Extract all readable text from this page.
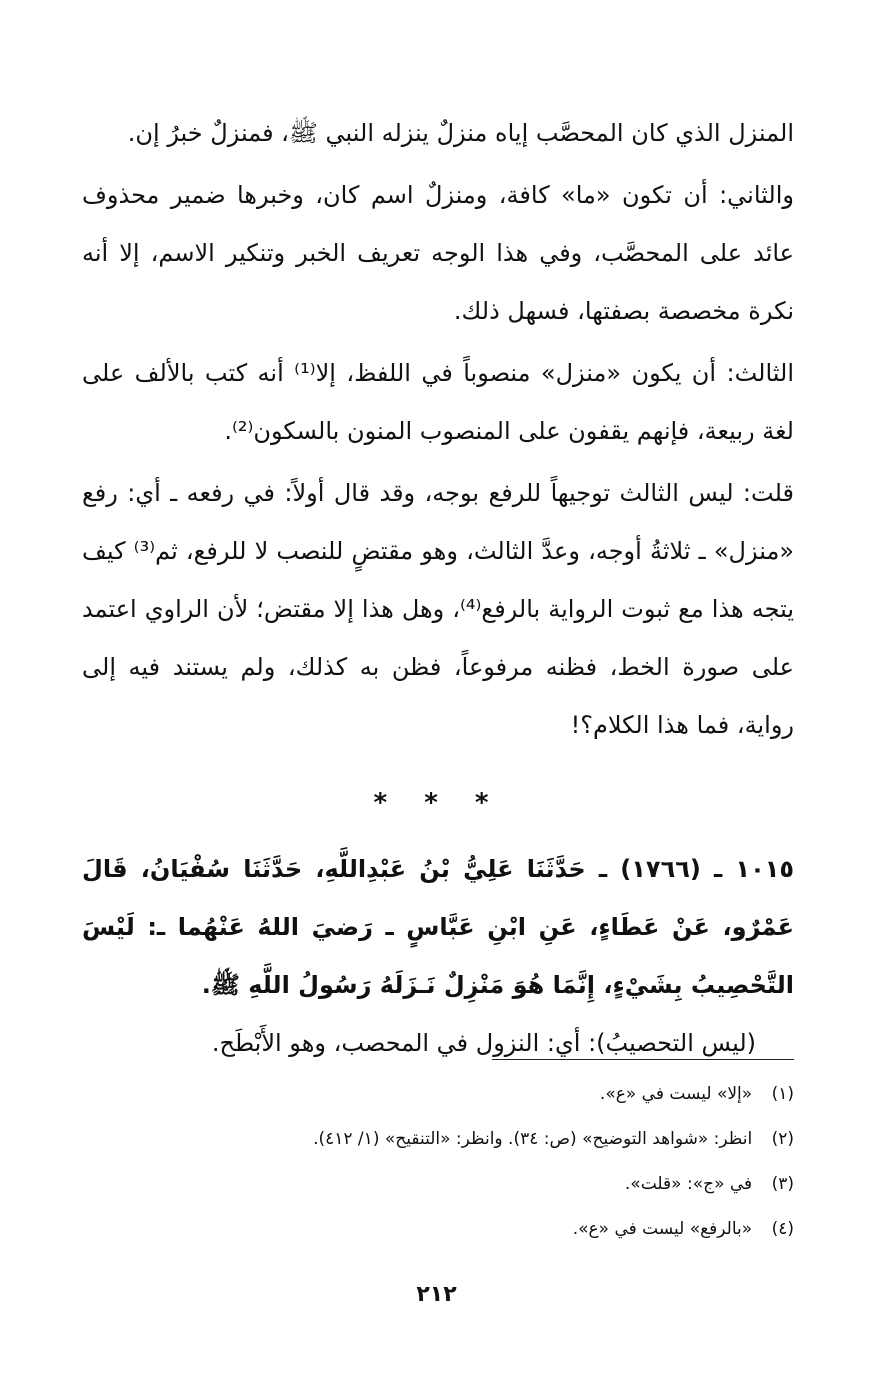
المنزل الذي كان المحصَّب إياه منزلٌ ينزله النبي ﷺ، فمنزلٌ خبرُ إن.

والثاني: أن تكون «ما» كافة، ومنزلٌ اسم كان، وخبرها ضمير محذوف عائد على المحصَّب، وفي هذا الوجه تعريف الخبر وتنكير الاسم، إلا أنه نكرة مخصصة بصفتها، فسهل ذلك.

الثالث: أن يكون «منزل» منصوباً في اللفظ، إلا⁽¹⁾ أنه كتب بالألف على لغة ربيعة، فإنهم يقفون على المنصوب المنون بالسكون⁽²⁾.

قلت: ليس الثالث توجيهاً للرفع بوجه، وقد قال أولاً: في رفعه ـ أي: رفع «منزل» ـ ثلاثةُ أوجه، وعدَّ الثالث، وهو مقتضٍ للنصب لا للرفع، ثم⁽³⁾ كيف يتجه هذا مع ثبوت الرواية بالرفع⁽⁴⁾، وهل هذا إلا مقتض؛ لأن الراوي اعتمد على صورة الخط، فظنه مرفوعاً، فظن به كذلك، ولم يستند فيه إلى رواية، فما هذا الكلام؟!

* * *

١٠١٥ ـ (١٧٦٦) ـ حَدَّثَنَا عَلِيُّ بْنُ عَبْدِاللَّهِ، حَدَّثَنَا سُفْيَانُ، قَالَ عَمْرٌو، عَنْ عَطَاءٍ، عَنِ ابْنِ عَبَّاسٍ ـ رَضيَ اللهُ عَنْهُما ـ: لَيْسَ التَّحْصِيبُ بِشَيْءٍ، إِنَّمَا هُوَ مَنْزِلٌ نَـزَلَهُ رَسُولُ اللَّهِ ﷺ.

(ليس التحصيبُ): أي: النزول في المحصب، وهو الأَبْطَح.

(١) «إلا» ليست في «ع».
(٢) انظر: «شواهد التوضيح» (ص: ٣٤). وانظر: «التنقيح» (١/ ٤١٢).
(٣) في «ج»: «قلت».
(٤) «بالرفع» ليست في «ع».
٢١٢
